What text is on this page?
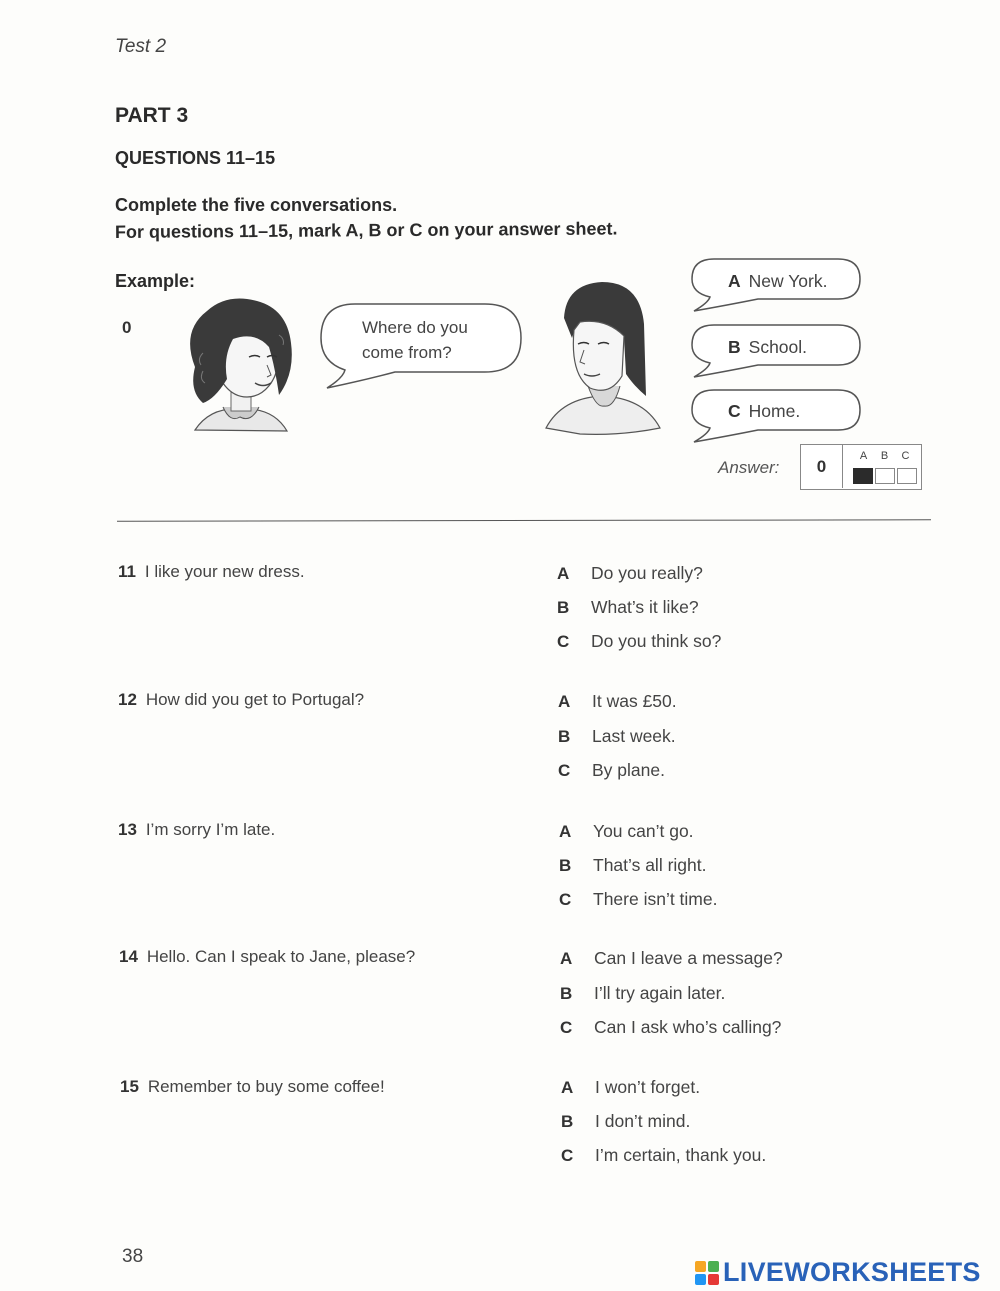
Test 2
PART 3
QUESTIONS 11–15
Complete the five conversations.
For questions 11–15, mark A, B or C on your answer sheet.
Example:
0	Where do you
come from?
A New York.
B School.
C Home.
Answer:	0
A B C
11 I like your new dress.	A Do you really?
B What’s it like?
C Do you think so?
12 How did you get to Portugal?	A It was £50.
B Last week.
C By plane.
13 I’m sorry I’m late.	A You can’t go.
B That’s all right.
C There isn’t time.
14 Hello. Can I speak to Jane, please?	A Can I leave a message?
B I’ll try again later.
C Can I ask who’s calling?
15 Remember to buy some coffee!	A I won’t forget.
B I don’t mind.
C I’m certain, thank you.
38
LIVEWORKSHEETS
